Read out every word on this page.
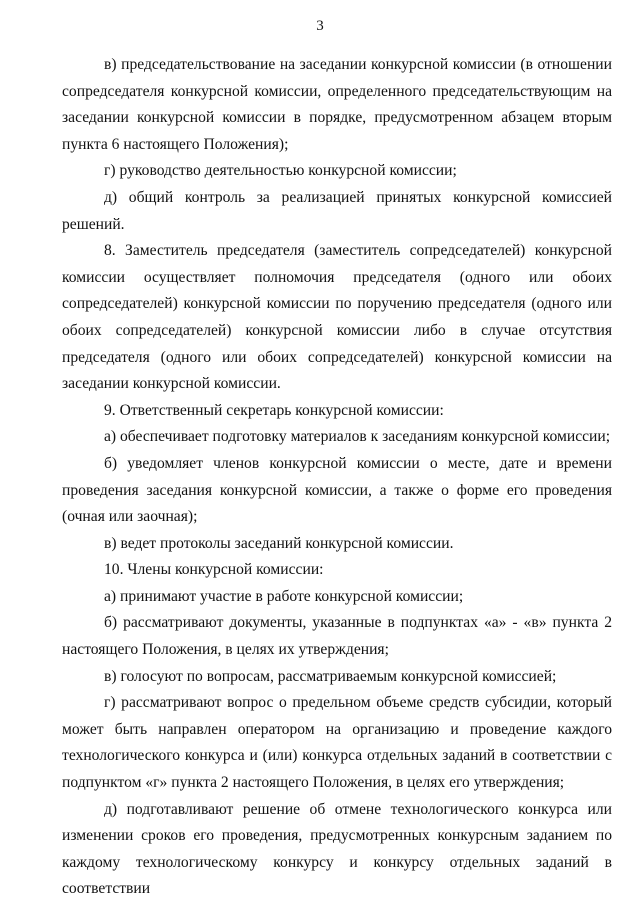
3

в) председательствование на заседании конкурсной комиссии (в отношении сопредседателя конкурсной комиссии, определенного председательствующим на заседании конкурсной комиссии в порядке, предусмотренном абзацем вторым пункта 6 настоящего Положения);

г) руководство деятельностью конкурсной комиссии;

д) общий контроль за реализацией принятых конкурсной комиссией решений.

8. Заместитель председателя (заместитель сопредседателей) конкурсной комиссии осуществляет полномочия председателя (одного или обоих сопредседателей) конкурсной комиссии по поручению председателя (одного или обоих сопредседателей) конкурсной комиссии либо в случае отсутствия председателя (одного или обоих сопредседателей) конкурсной комиссии на заседании конкурсной комиссии.

9. Ответственный секретарь конкурсной комиссии:

а) обеспечивает подготовку материалов к заседаниям конкурсной комиссии;

б) уведомляет членов конкурсной комиссии о месте, дате и времени проведения заседания конкурсной комиссии, а также о форме его проведения (очная или заочная);

в) ведет протоколы заседаний конкурсной комиссии.

10. Члены конкурсной комиссии:

а) принимают участие в работе конкурсной комиссии;

б) рассматривают документы, указанные в подпунктах «а» - «в» пункта 2 настоящего Положения, в целях их утверждения;

в) голосуют по вопросам, рассматриваемым конкурсной комиссией;

г) рассматривают вопрос о предельном объеме средств субсидии, который может быть направлен оператором на организацию и проведение каждого технологического конкурса и (или) конкурса отдельных заданий в соответствии с подпунктом «г» пункта 2 настоящего Положения, в целях его утверждения;

д) подготавливают решение об отмене технологического конкурса или изменении сроков его проведения, предусмотренных конкурсным заданием по каждому технологическому конкурсу и конкурсу отдельных заданий в соответствии
